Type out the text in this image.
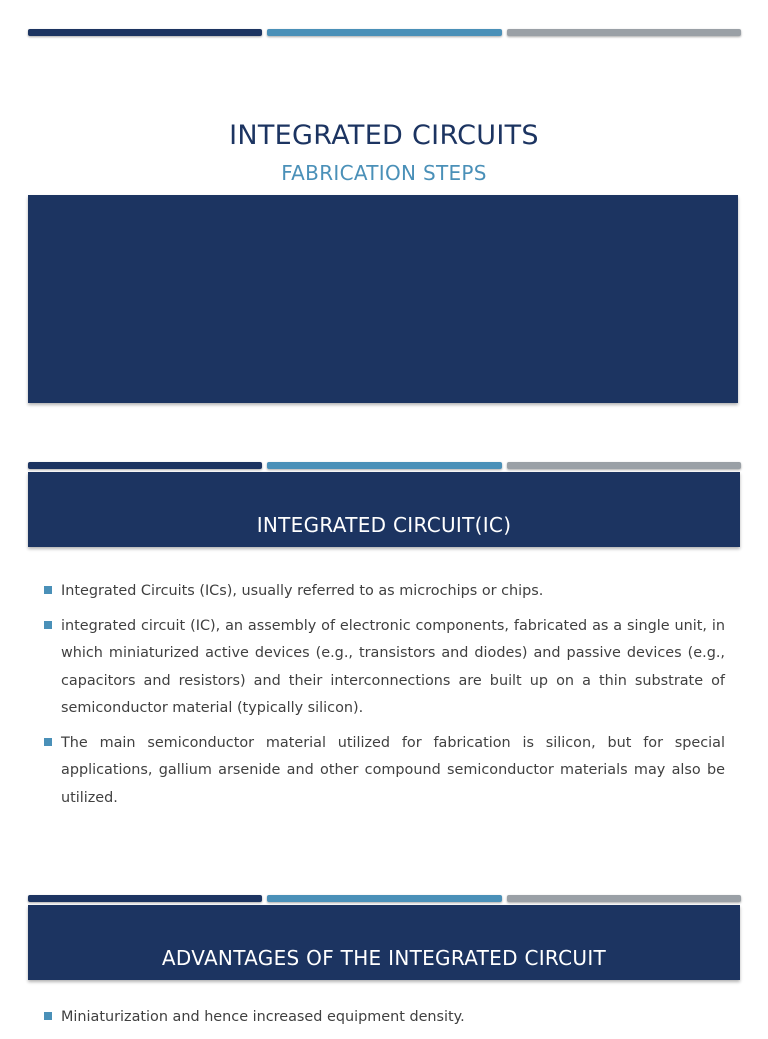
INTEGRATED CIRCUITS
FABRICATION STEPS
INTEGRATED CIRCUIT(IC)
Integrated Circuits (ICs), usually referred to as microchips or chips.
integrated circuit (IC), an assembly of electronic components, fabricated as a single unit, in which miniaturized active devices (e.g., transistors and diodes) and passive devices (e.g., capacitors and resistors) and their interconnections are built up on a thin substrate of semiconductor material (typically silicon).
The main semiconductor material utilized for fabrication is silicon, but for special applications, gallium arsenide and other compound semiconductor materials may also be utilized.
ADVANTAGES OF THE INTEGRATED CIRCUIT
Miniaturization and hence increased equipment density.
